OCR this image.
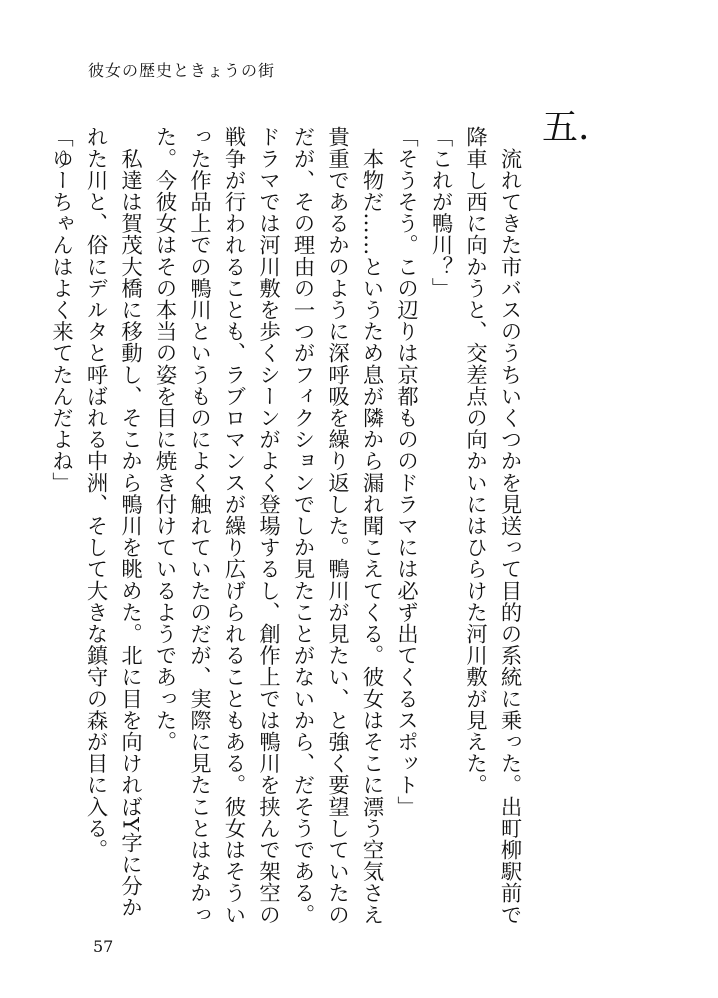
彼女の歴史ときょうの街
五.

　流れてきた市バスのうちいくつかを見送って目的の系統に乗った。出町柳駅前で降車し西に向かうと、交差点の向かいにはひらけた河川敷が見えた。

「これが鴨川？」

「そうそう。この辺りは京都もののドラマには必ず出てくるスポット」

　本物だ……というため息が隣から漏れ聞こえてくる。彼女はそこに漂う空気さえ貴重であるかのように深呼吸を繰り返した。鴨川が見たい、と強く要望していたのだが、その理由の一つがフィクションでしか見たことがないから、だそうである。ドラマでは河川敷を歩くシーンがよく登場するし、創作上では鴨川を挟んで架空の戦争が行われることも、ラブロマンスが繰り広げられることもある。彼女はそういった作品上での鴨川というものによく触れていたのだが、実際に見たことはなかった。今彼女はその本当の姿を目に焼き付けているようであった。

　私達は賀茂大橋に移動し、そこから鴨川を眺めた。北に目を向ければY字に分かれた川と、俗にデルタと呼ばれる中洲、そして大きな鎮守の森が目に入る。

「ゆーちゃんはよく来てたんだよね」

57
